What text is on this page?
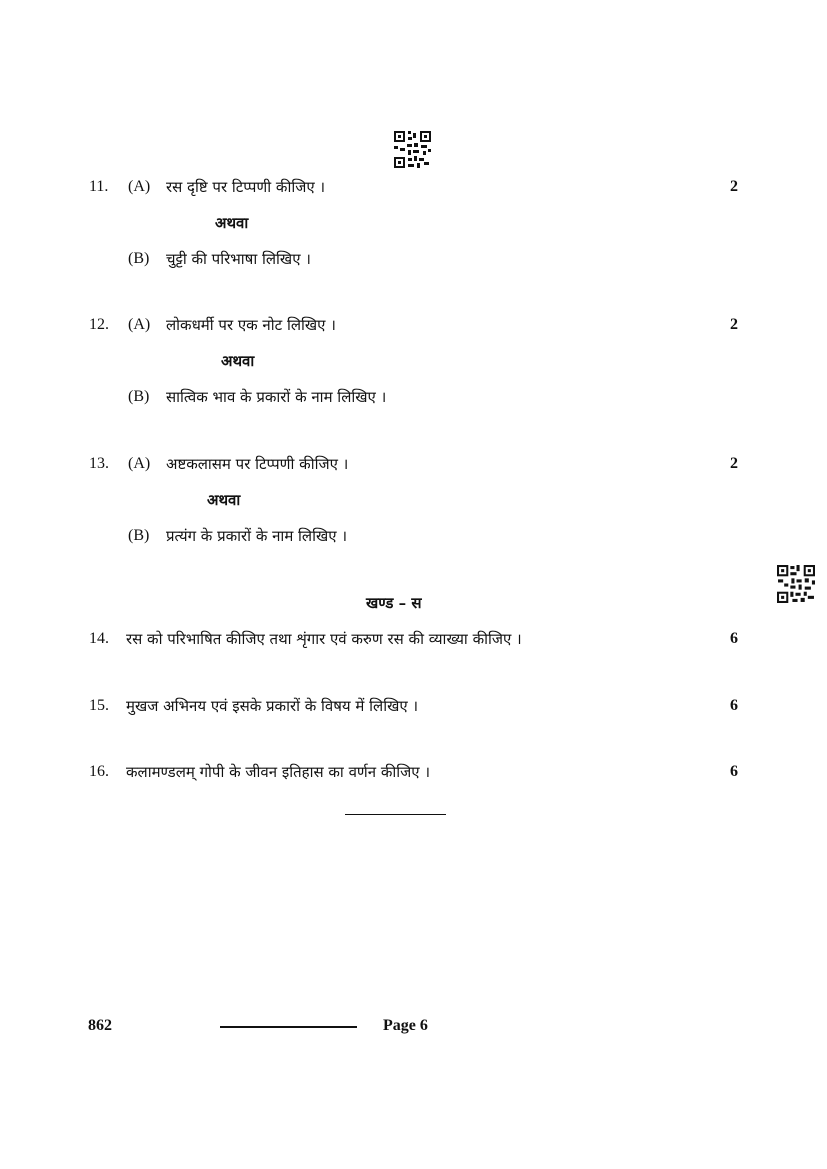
11. (A) रस दृष्टि पर टिप्पणी कीजिए ।	2
अथवा
(B) चुट्टी की परिभाषा लिखिए ।
12. (A) लोकधर्मी पर एक नोट लिखिए ।	2
अथवा
(B) सात्विक भाव के प्रकारों के नाम लिखिए ।
13. (A) अष्टकलासम पर टिप्पणी कीजिए ।	2
अथवा
(B) प्रत्यंग के प्रकारों के नाम लिखिए ।
खण्ड – स
14. रस को परिभाषित कीजिए तथा शृंगार एवं करुण रस की व्याख्या कीजिए ।	6
15. मुखज अभिनय एवं इसके प्रकारों के विषय में लिखिए ।	6
16. कलामण्डलम् गोपी के जीवन इतिहास का वर्णन कीजिए ।	6
862	Page 6
